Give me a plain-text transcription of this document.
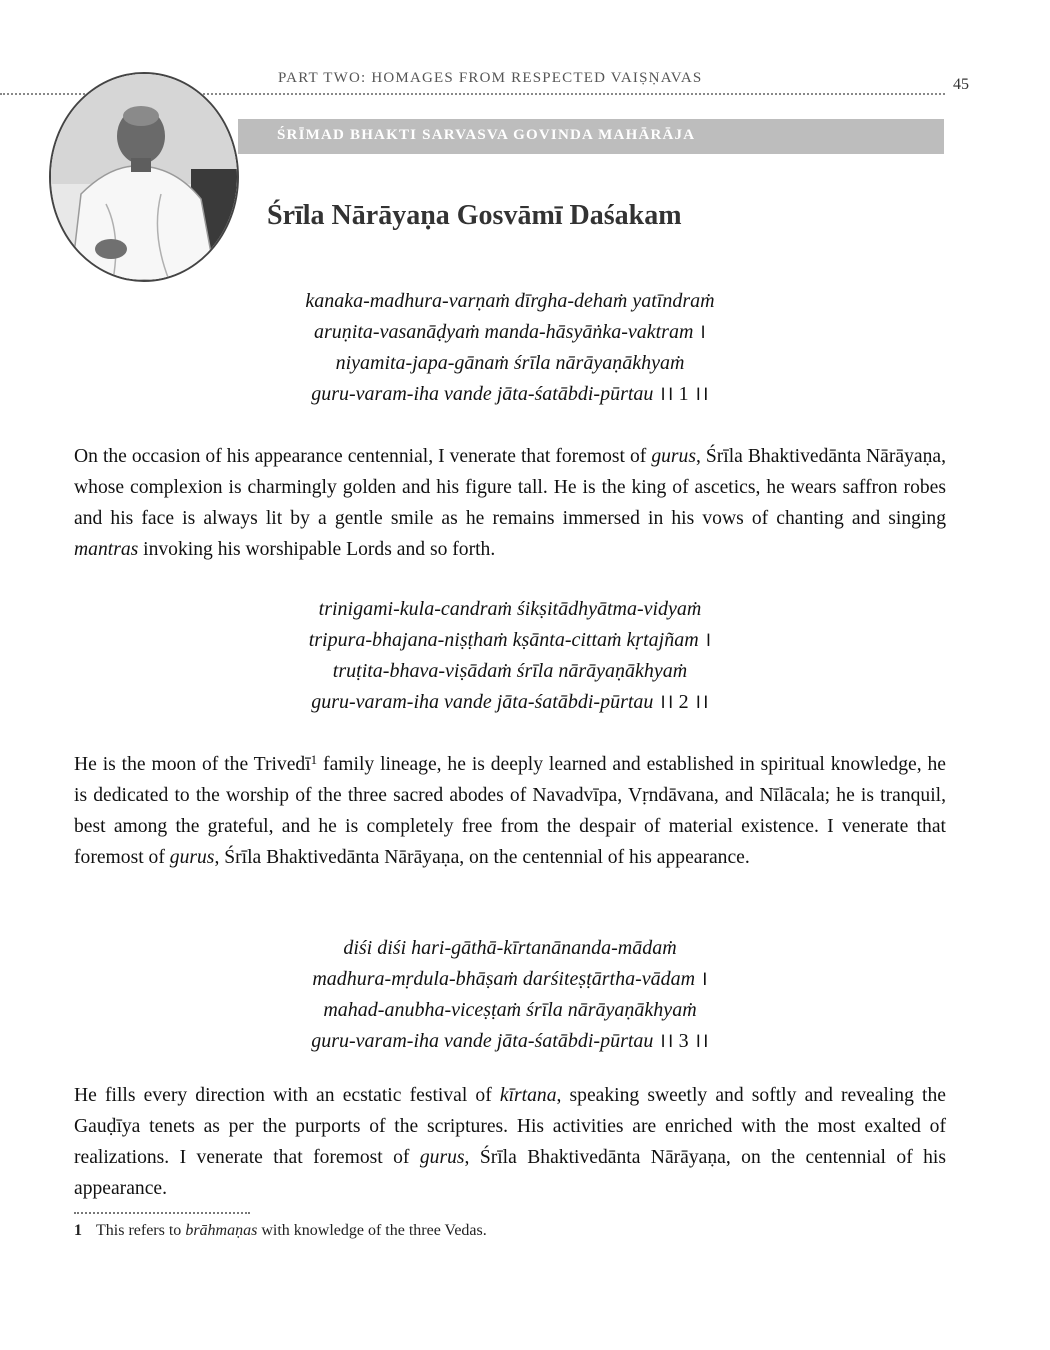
PART TWO: HOMAGES FROM RESPECTED VAIṢṆAVAS	45
ŚRĪMAD BHAKTI SARVASVA GOVINDA MAHĀRĀJA
Śrīla Nārāyaṇa Gosvāmī Daśakam
kanaka-madhura-varṇaṁ dīrgha-dehaṁ yatīndraṁ
aruṇita-vasanāḍyaṁ manda-hāsyāṅka-vaktram ।
niyamita-japa-gānaṁ śrīla nārāyaṇākhyaṁ
guru-varam-iha vande jāta-śatābdi-pūrtau ।। 1 ।।

On the occasion of his appearance centennial, I venerate that foremost of gurus, Śrīla Bhaktivedānta Nārāyaṇa, whose complexion is charmingly golden and his figure tall. He is the king of ascetics, he wears saffron robes and his face is always lit by a gentle smile as he remains immersed in his vows of chanting and singing mantras invoking his worshipable Lords and so forth.

trinigami-kula-candraṁ śikṣitādhyātma-vidyaṁ
tripura-bhajana-niṣṭhaṁ kṣānta-cittaṁ kṛtajñam ।
truṭita-bhava-viṣādaṁ śrīla nārāyaṇākhyaṁ
guru-varam-iha vande jāta-śatābdi-pūrtau ।। 2 ।।

He is the moon of the Trivedī$^1$ family lineage, he is deeply learned and established in spiritual knowledge, he is dedicated to the worship of the three sacred abodes of Navadvīpa, Vṛndāvana, and Nīlācala; he is tranquil, best among the grateful, and he is completely free from the despair of material existence. I venerate that foremost of gurus, Śrīla Bhaktivedānta Nārāyaṇa, on the centennial of his appearance.

diśi diśi hari-gāthā-kīrtanānanda-mādaṁ
madhura-mṛdula-bhāṣaṁ darśiteṣṭārtha-vādam ।
mahad-anubha-viceṣṭaṁ śrīla nārāyaṇākhyaṁ
guru-varam-iha vande jāta-śatābdi-pūrtau ।। 3 ।।

He fills every direction with an ecstatic festival of kīrtana, speaking sweetly and softly and revealing the Gauḍīya tenets as per the purports of the scriptures. His activities are enriched with the most exalted of realizations. I venerate that foremost of gurus, Śrīla Bhaktivedānta Nārāyaṇa, on the centennial of his appearance.

1 This refers to brāhmaṇas with knowledge of the three Vedas.
